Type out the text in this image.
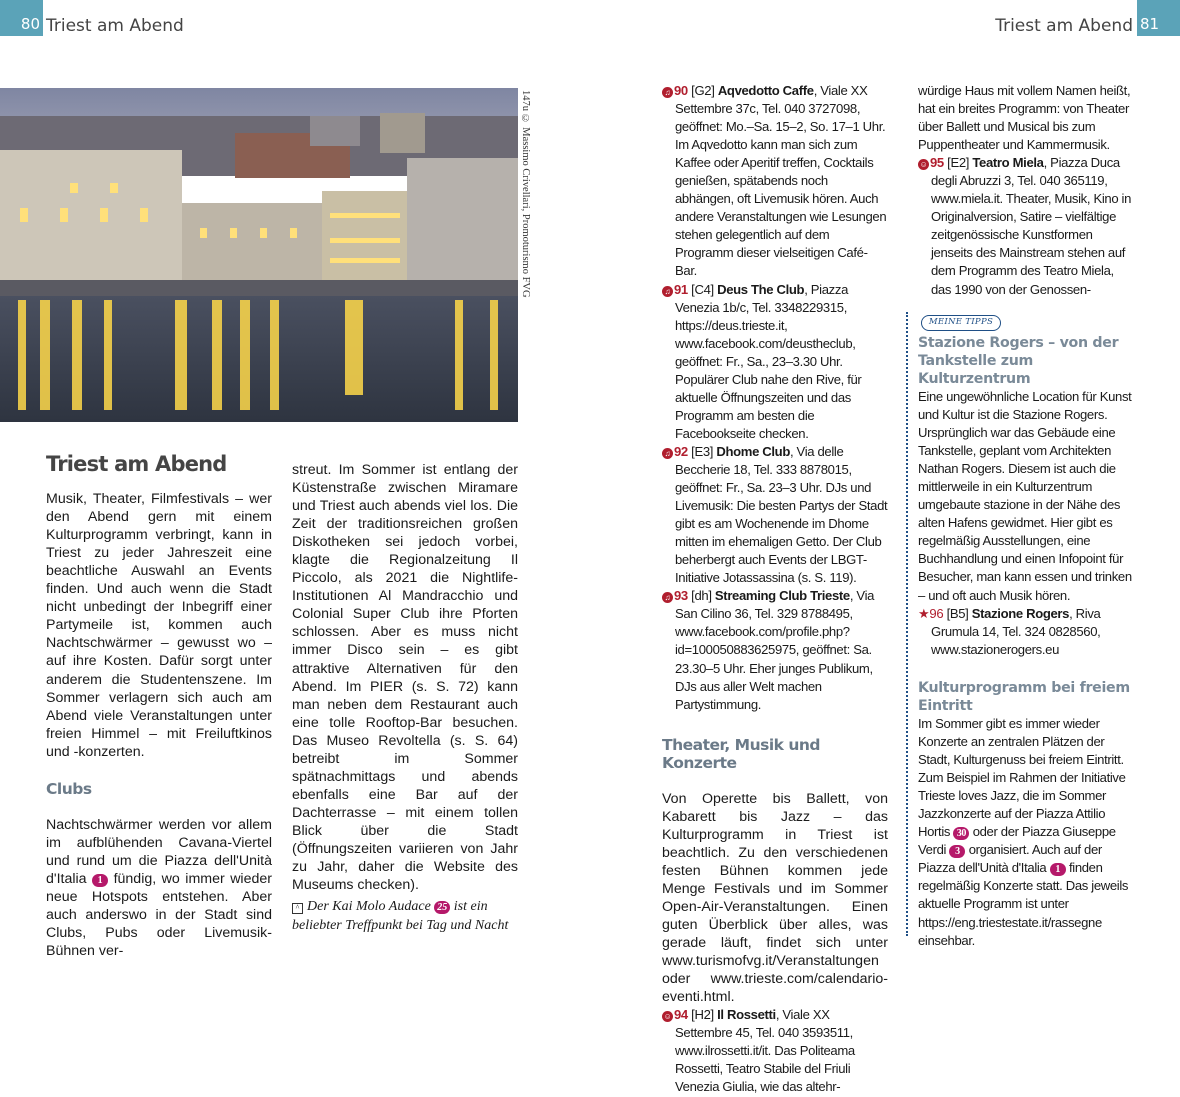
80 Triest am Abend	Triest am Abend 81
147u © Massimo Crivellari, Promoturismo FVG
Triest am Abend

Musik, Theater, Filmfestivals – wer den Abend gern mit einem Kulturprogramm verbringt, kann in Triest zu jeder Jahreszeit eine beachtliche Auswahl an Events finden. Und auch wenn die Stadt nicht unbedingt der Inbegriff einer Partymeile ist, kommen auch Nachtschwärmer – gewusst wo – auf ihre Kosten. Dafür sorgt unter anderem die Studentenszene. Im Sommer verlagern sich auch am Abend viele Veranstaltungen unter freien Himmel – mit Freiluftkinos und -konzerten.

Clubs

Nachtschwärmer werden vor allem im aufblühenden Cavana-Viertel und rund um die Piazza dell'Unità d'Italia 1 fündig, wo immer wieder neue Hotspots entstehen. Aber auch anderswo in der Stadt sind Clubs, Pubs oder Livemusik-Bühnen ver-

streut. Im Sommer ist entlang der Küstenstraße zwischen Miramare und Triest auch abends viel los. Die Zeit der traditionsreichen großen Diskotheken sei jedoch vorbei, klagte die Regionalzeitung Il Piccolo, als 2021 die Nightlife-Institutionen Al Mandracchio und Colonial Super Club ihre Pforten schlossen. Aber es muss nicht immer Disco sein – es gibt attraktive Alternativen für den Abend. Im PIER (s. S. 72) kann man neben dem Restaurant auch eine tolle Rooftop-Bar besuchen. Das Museo Revoltella (s. S. 64) betreibt im Sommer spätnachmittags und abends ebenfalls eine Bar auf der Dachterrasse – mit einem tollen Blick über die Stadt (Öffnungszeiten variieren von Jahr zu Jahr, daher die Website des Museums checken).

^ Der Kai Molo Audace 25 ist ein beliebter Treffpunkt bei Tag und Nacht

♫ 90 [G2] Aqvedotto Caffe, Viale XX Settembre 37c, Tel. 040 3727098, geöffnet: Mo.–Sa. 15–2, So. 17–1 Uhr. Im Aqvedotto kann man sich zum Kaffee oder Aperitif treffen, Cocktails genießen, spätabends noch abhängen, oft Livemusik hören. Auch andere Veranstaltungen wie Lesungen stehen gelegentlich auf dem Programm dieser vielseitigen Café-Bar.

♫ 91 [C4] Deus The Club, Piazza Venezia 1b/c, Tel. 3348229315, https://deus.trieste.it, www.facebook.com/deustheclub, geöffnet: Fr., Sa., 23–3.30 Uhr. Populärer Club nahe den Rive, für aktuelle Öffnungszeiten und das Programm am besten die Facebookseite checken.

♫ 92 [E3] Dhome Club, Via delle Beccherie 18, Tel. 333 8878015, geöffnet: Fr., Sa. 23–3 Uhr. DJs und Livemusik: Die besten Partys der Stadt gibt es am Wochenende im Dhome mitten im ehemaligen Getto. Der Club beherbergt auch Events der LBGT-Initiative Jotassassina (s. S. 119).

♫ 93 [dh] Streaming Club Trieste, Via San Cilino 36, Tel. 329 8788495, www.facebook.com/profile.php?id=100050883625975, geöffnet: Sa. 23.30–5 Uhr. Eher junges Publikum, DJs aus aller Welt machen Partystimmung.

Theater, Musik und Konzerte

Von Operette bis Ballett, von Kabarett bis Jazz – das Kulturprogramm in Triest ist beachtlich. Zu den verschiedenen festen Bühnen kommen jede Menge Festivals und im Sommer Open-Air-Veranstaltungen. Einen guten Überblick über alles, was gerade läuft, findet sich unter www.turismofvg.it/Veranstaltungen oder www.trieste.com/calendario-eventi.html.

☺ 94 [H2] Il Rossetti, Viale XX Settembre 45, Tel. 040 3593511, www.ilrossetti.it/it. Das Politeama Rossetti, Teatro Stabile del Friuli Venezia Giulia, wie das altehr-

würdige Haus mit vollem Namen heißt, hat ein breites Programm: von Theater über Ballett und Musical bis zum Puppentheater und Kammermusik.

☺ 95 [E2] Teatro Miela, Piazza Duca degli Abruzzi 3, Tel. 040 365119, www.miela.it. Theater, Musik, Kino in Originalversion, Satire – vielfältige zeitgenössische Kunstformen jenseits des Mainstream stehen auf dem Programm des Teatro Miela, das 1990 von der Genossen-

MEINE TIPPS
Stazione Rogers – von der Tankstelle zum Kulturzentrum

Eine ungewöhnliche Location für Kunst und Kultur ist die Stazione Rogers. Ursprünglich war das Gebäude eine Tankstelle, geplant vom Architekten Nathan Rogers. Diesem ist auch die mittlerweile in ein Kulturzentrum umgebaute stazione in der Nähe des alten Hafens gewidmet. Hier gibt es regelmäßig Ausstellungen, eine Buchhandlung und einen Infopoint für Besucher, man kann essen und trinken – und oft auch Musik hören.

★96 [B5] Stazione Rogers, Riva Grumula 14, Tel. 324 0828560, www.stazionerogers.eu

Kulturprogramm bei freiem Eintritt

Im Sommer gibt es immer wieder Konzerte an zentralen Plätzen der Stadt, Kulturgenuss bei freiem Eintritt. Zum Beispiel im Rahmen der Initiative Trieste loves Jazz, die im Sommer Jazzkonzerte auf der Piazza Attilio Hortis 30 oder der Piazza Giuseppe Verdi 3 organisiert. Auch auf der Piazza dell'Unità d'Italia 1 finden regelmäßig Konzerte statt. Das jeweils aktuelle Programm ist unter https://eng.triestestate.it/rassegne einsehbar.
